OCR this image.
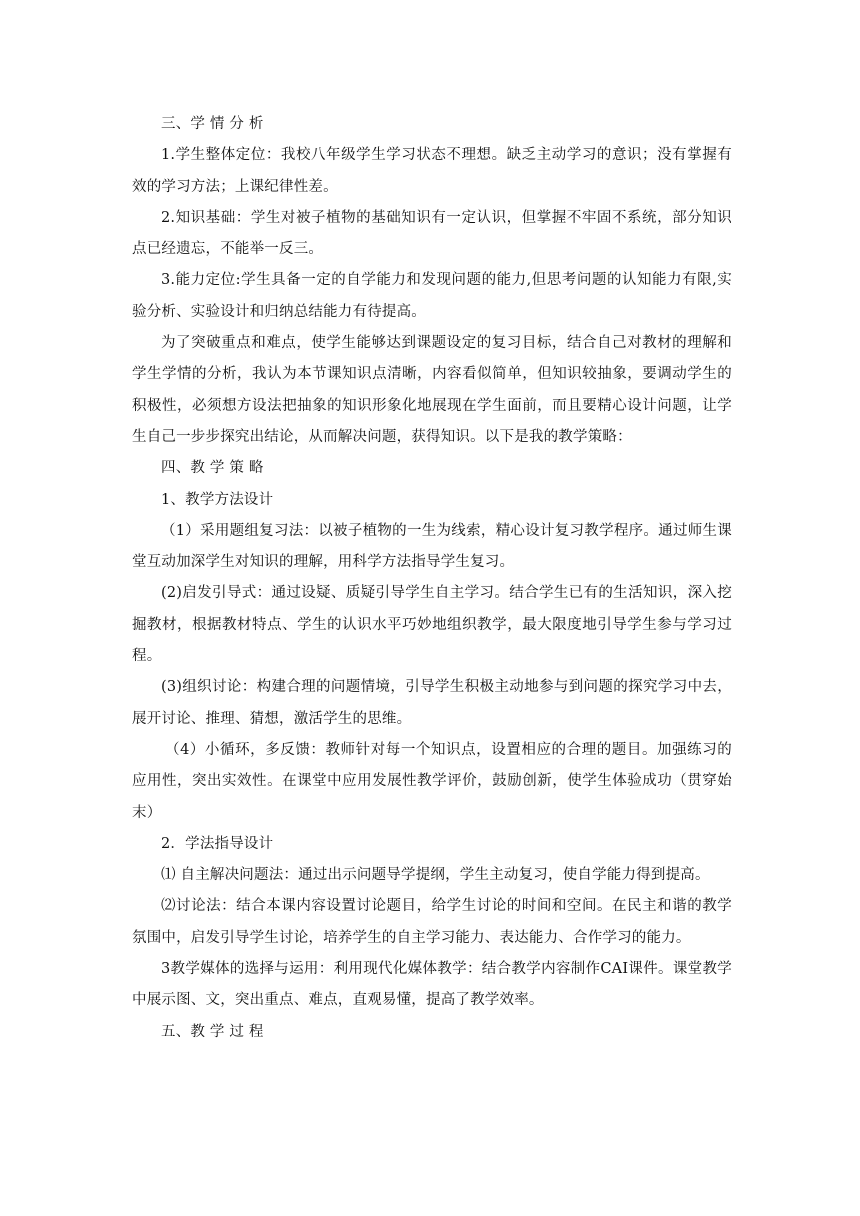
三、学 情 分 析

1.学生整体定位：我校八年级学生学习状态不理想。缺乏主动学习的意识；没有掌握有效的学习方法；上课纪律性差。

2.知识基础：学生对被子植物的基础知识有一定认识，但掌握不牢固不系统，部分知识点已经遗忘，不能举一反三。

3.能力定位:学生具备一定的自学能力和发现问题的能力,但思考问题的认知能力有限,实验分析、实验设计和归纳总结能力有待提高。

为了突破重点和难点，使学生能够达到课题设定的复习目标，结合自己对教材的理解和学生学情的分析，我认为本节课知识点清晰，内容看似简单，但知识较抽象，要调动学生的积极性，必须想方设法把抽象的知识形象化地展现在学生面前，而且要精心设计问题，让学生自己一步步探究出结论，从而解决问题，获得知识。以下是我的教学策略：

四、教 学 策 略

1、教学方法设计

（1）采用题组复习法：以被子植物的一生为线索，精心设计复习教学程序。通过师生课堂互动加深学生对知识的理解，用科学方法指导学生复习。

(2)启发引导式：通过设疑、质疑引导学生自主学习。结合学生已有的生活知识，深入挖掘教材，根据教材特点、学生的认识水平巧妙地组织教学，最大限度地引导学生参与学习过程。

(3)组织讨论：构建合理的问题情境，引导学生积极主动地参与到问题的探究学习中去，展开讨论、推理、猜想，激活学生的思维。

（4）小循环，多反馈：教师针对每一个知识点，设置相应的合理的题目。加强练习的应用性，突出实效性。在课堂中应用发展性教学评价，鼓励创新，使学生体验成功（贯穿始末）

2．学法指导设计

⑴ 自主解决问题法：通过出示问题导学提纲，学生主动复习，使自学能力得到提高。

⑵讨论法：结合本课内容设置讨论题目，给学生讨论的时间和空间。在民主和谐的教学氛围中，启发引导学生讨论，培养学生的自主学习能力、表达能力、合作学习的能力。

3教学媒体的选择与运用：利用现代化媒体教学：结合教学内容制作CAI课件。课堂教学中展示图、文，突出重点、难点，直观易懂，提高了教学效率。

五、教 学 过 程
